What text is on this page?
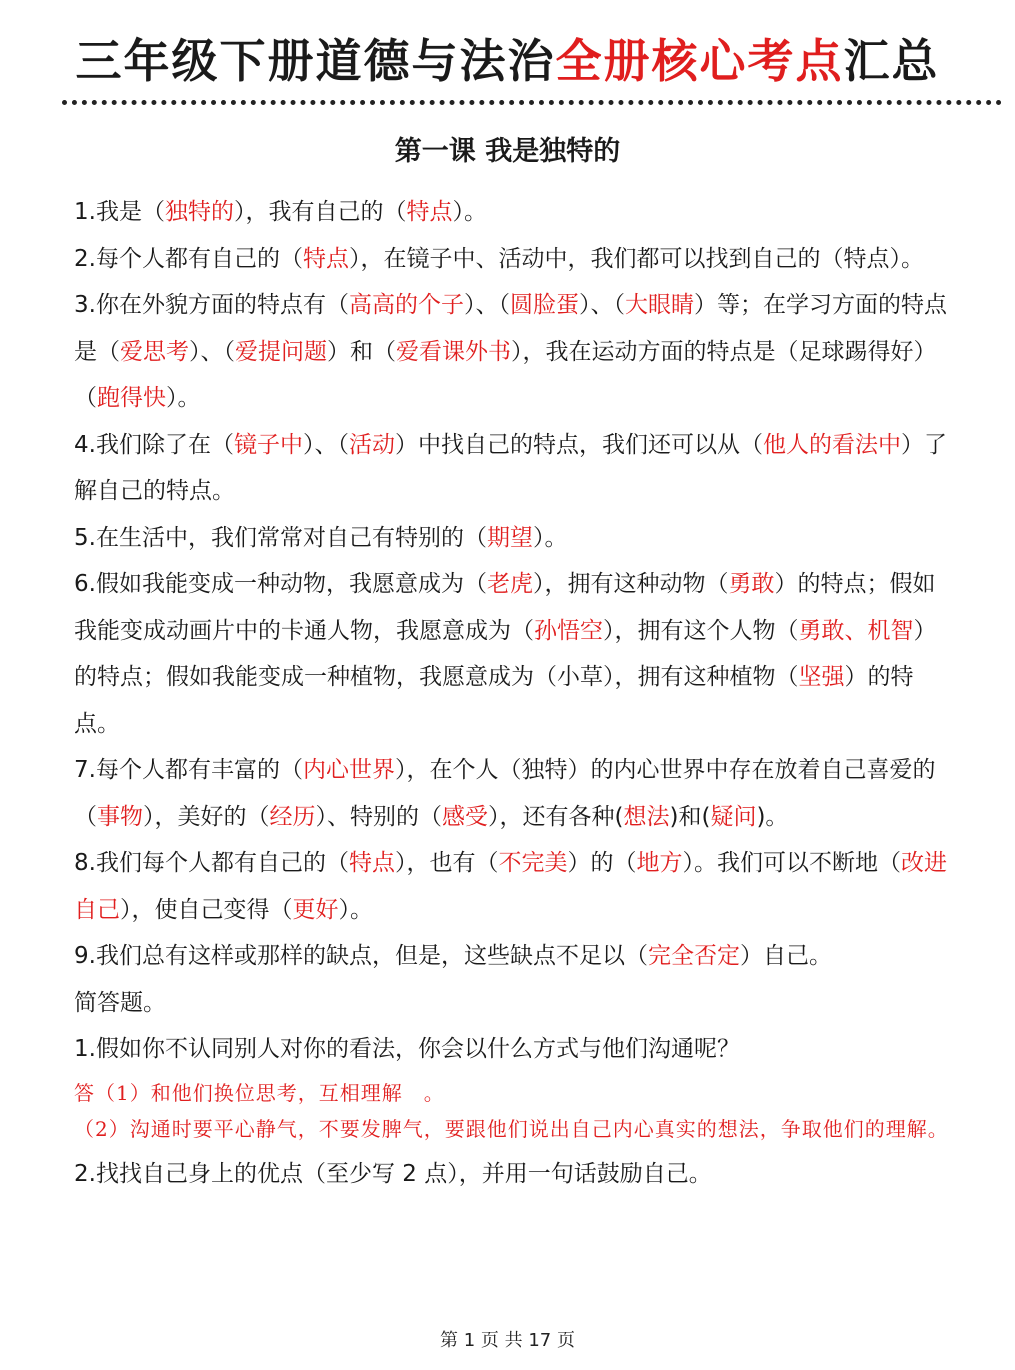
三年级下册道德与法治全册核心考点汇总
第一课 我是独特的

1.我是（独特的），我有自己的（特点）。

2.每个人都有自己的（特点），在镜子中、活动中，我们都可以找到自己的（特点）。

3.你在外貌方面的特点有（高高的个子）、（圆脸蛋）、（大眼睛）等；在学习方面的特点是（爱思考）、（爱提问题）和（爱看课外书），我在运动方面的特点是（足球踢得好）（跑得快）。

4.我们除了在（镜子中）、（活动）中找自己的特点，我们还可以从（他人的看法中）了解自己的特点。

5.在生活中，我们常常对自己有特别的（期望）。

6.假如我能变成一种动物，我愿意成为（老虎），拥有这种动物（勇敢）的特点；假如我能变成动画片中的卡通人物，我愿意成为（孙悟空），拥有这个人物（勇敢、机智）的特点；假如我能变成一种植物，我愿意成为（小草），拥有这种植物（坚强）的特点。

7.每个人都有丰富的（内心世界），在个人（独特）的内心世界中存在放着自己喜爱的（事物），美好的（经历）、特别的（感受），还有各种(想法)和(疑问)。

8.我们每个人都有自己的（特点），也有（不完美）的（地方）。我们可以不断地（改进自己），使自己变得（更好）。

9.我们总有这样或那样的缺点，但是，这些缺点不足以（完全否定）自己。

简答题。

1.假如你不认同别人对你的看法，你会以什么方式与他们沟通呢？

答（1）和他们换位思考，互相理解　。

（2）沟通时要平心静气，不要发脾气，要跟他们说出自己内心真实的想法，争取他们的理解。

2.找找自己身上的优点（至少写 2 点），并用一句话鼓励自己。

第 1 页 共 17 页
